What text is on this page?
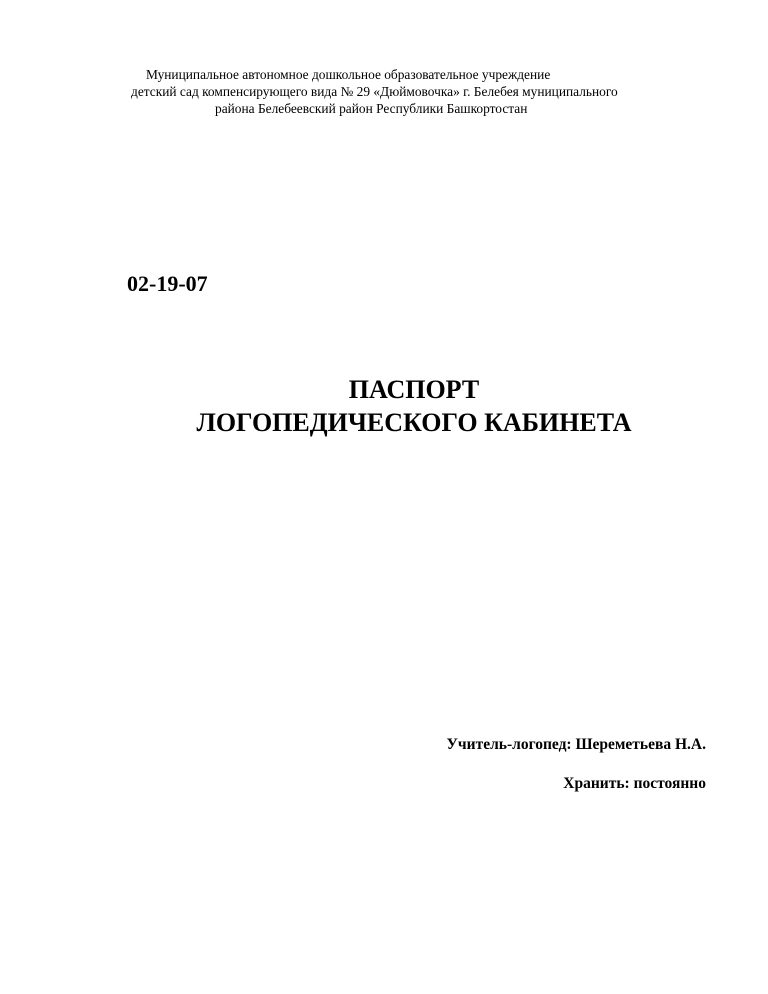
Муниципальное автономное дошкольное образовательное учреждение
детский сад компенсирующего вида № 29 «Дюймовочка» г. Белебея муниципального
района Белебеевский район Республики Башкортостан
02-19-07
ПАСПОРТ
ЛОГОПЕДИЧЕСКОГО КАБИНЕТА
Учитель-логопед: Шереметьева Н.А.
Хранить: постоянно
